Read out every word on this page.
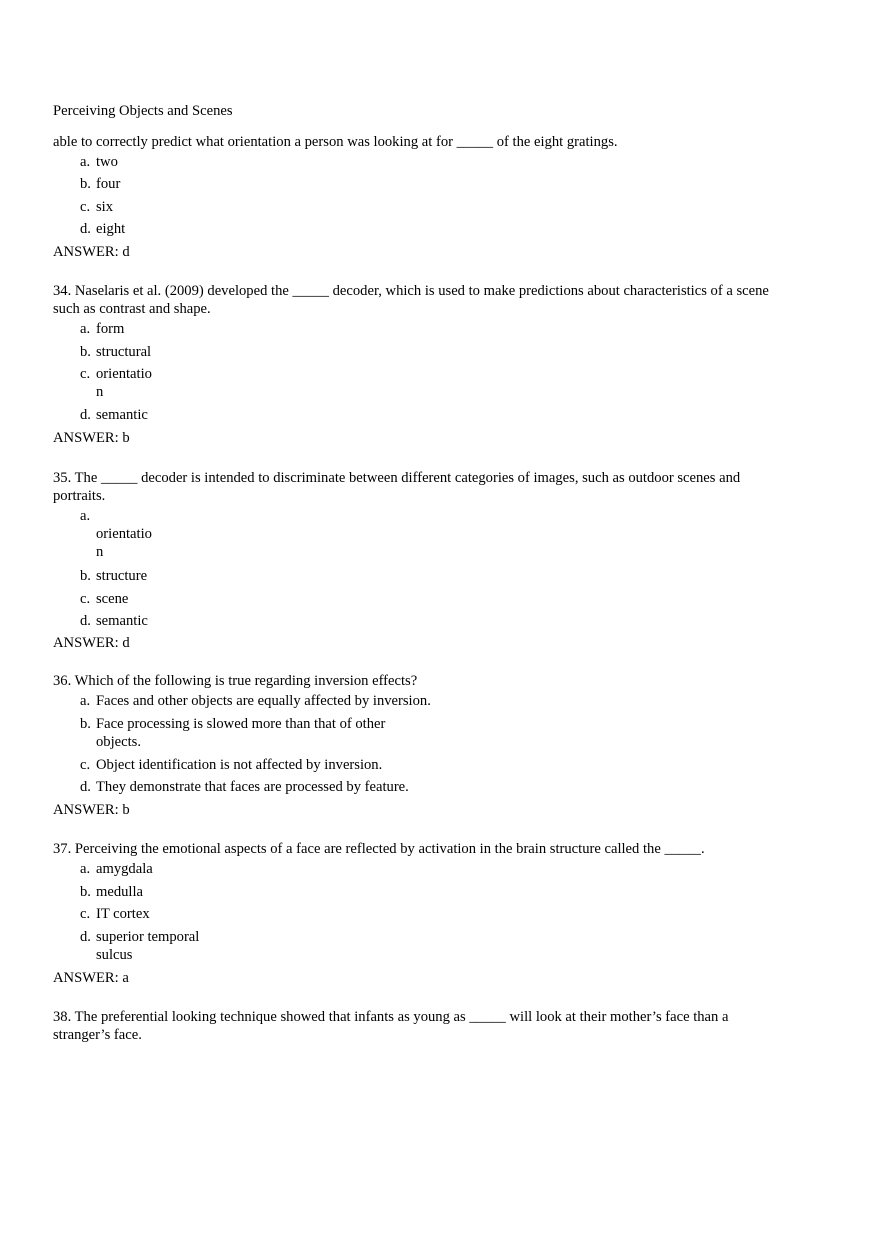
Perceiving Objects and Scenes
able to correctly predict what orientation a person was looking at for _____ of the eight gratings.
a. two
b. four
c. six
d. eight
ANSWER: d
34. Naselaris et al. (2009) developed the _____ decoder, which is used to make predictions about characteristics of a scene
such as contrast and shape.
a. form
b. structural
c. orientatio
n
d. semantic
ANSWER: b
35. The _____ decoder is intended to discriminate between different categories of images, such as outdoor scenes and
portraits.
a.
orientatio
n
b. structure
c. scene
d. semantic
ANSWER: d
36. Which of the following is true regarding inversion effects?
a. Faces and other objects are equally affected by inversion.
b. Face processing is slowed more than that of other
objects.
c. Object identification is not affected by inversion.
d. They demonstrate that faces are processed by feature.
ANSWER: b
37. Perceiving the emotional aspects of a face are reflected by activation in the brain structure called the _____.
a. amygdala
b. medulla
c. IT cortex
d. superior temporal
sulcus
ANSWER: a
38. The preferential looking technique showed that infants as young as _____ will look at their mother’s face than a
stranger’s face.
